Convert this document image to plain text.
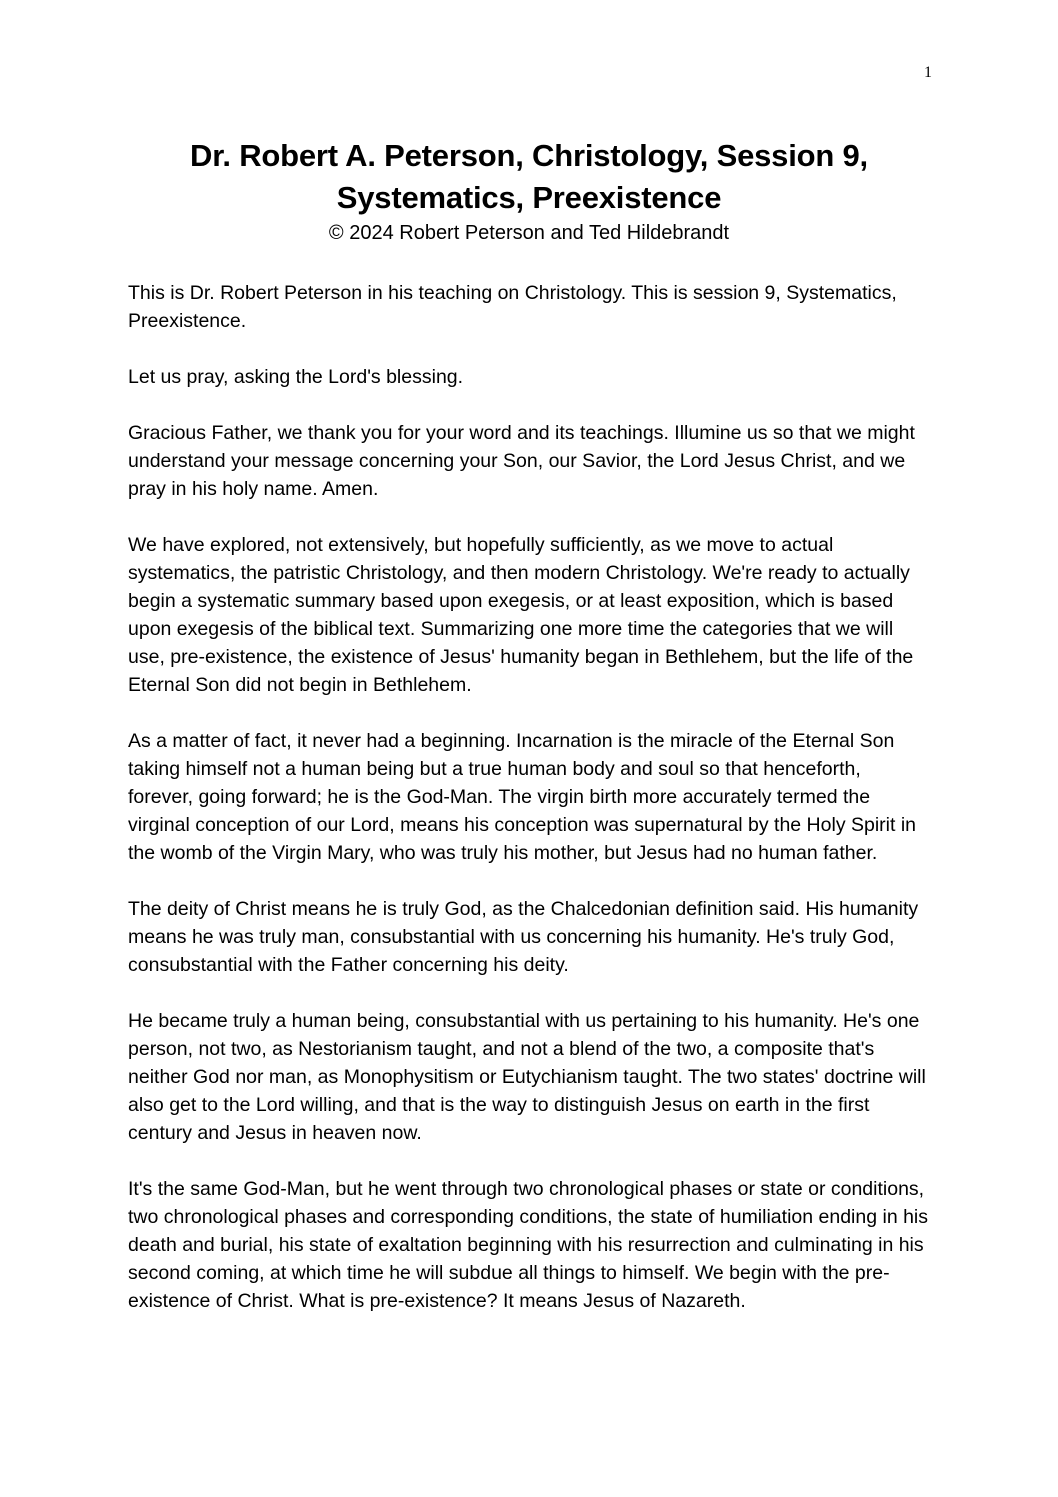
1
Dr. Robert A. Peterson, Christology, Session 9, Systematics, Preexistence

© 2024 Robert Peterson and Ted Hildebrandt

This is Dr. Robert Peterson in his teaching on Christology. This is session 9, Systematics, Preexistence.

Let us pray, asking the Lord's blessing.

Gracious Father, we thank you for your word and its teachings. Illumine us so that we might understand your message concerning your Son, our Savior, the Lord Jesus Christ, and we pray in his holy name. Amen.

We have explored, not extensively, but hopefully sufficiently, as we move to actual systematics, the patristic Christology, and then modern Christology. We're ready to actually begin a systematic summary based upon exegesis, or at least exposition, which is based upon exegesis of the biblical text. Summarizing one more time the categories that we will use, pre-existence, the existence of Jesus' humanity began in Bethlehem, but the life of the Eternal Son did not begin in Bethlehem.

As a matter of fact, it never had a beginning. Incarnation is the miracle of the Eternal Son taking himself not a human being but a true human body and soul so that henceforth, forever, going forward; he is the God-Man. The virgin birth more accurately termed the virginal conception of our Lord, means his conception was supernatural by the Holy Spirit in the womb of the Virgin Mary, who was truly his mother, but Jesus had no human father.

The deity of Christ means he is truly God, as the Chalcedonian definition said. His humanity means he was truly man, consubstantial with us concerning his humanity. He's truly God, consubstantial with the Father concerning his deity.

He became truly a human being, consubstantial with us pertaining to his humanity. He's one person, not two, as Nestorianism taught, and not a blend of the two, a composite that's neither God nor man, as Monophysitism or Eutychianism taught. The two states' doctrine will also get to the Lord willing, and that is the way to distinguish Jesus on earth in the first century and Jesus in heaven now.

It's the same God-Man, but he went through two chronological phases or state or conditions, two chronological phases and corresponding conditions, the state of humiliation ending in his death and burial, his state of exaltation beginning with his resurrection and culminating in his second coming, at which time he will subdue all things to himself. We begin with the pre-existence of Christ. What is pre-existence? It means Jesus of Nazareth.
